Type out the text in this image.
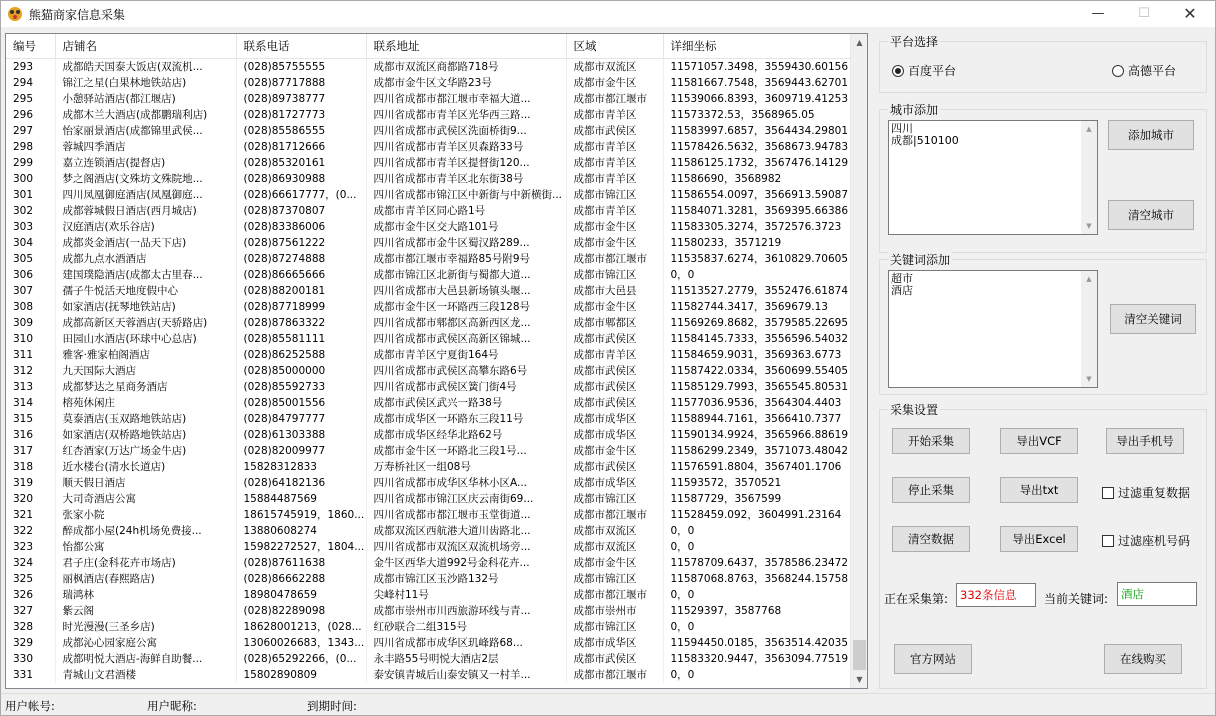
熊猫商家信息采集	—	☐	✕
编号	店铺名	联系电话	联系地址	区域	详细坐标
293	成都皓天国泰大饭店(双流机...	(028)85755555	成都市双流区商都路718号	成都市双流区	11571057.3498，3559430.60156
294	锦江之星(白果林地铁站店)	(028)87717888	成都市金牛区文华路23号	成都市金牛区	11581667.7548，3569443.62701
295	小憩驿站酒店(都江堰店)	(028)89738777	四川省成都市都江堰市幸福大道...	成都市都江堰市	11539066.8393，3609719.41253
296	成都木兰大酒店(成都鹏瑞利店)	(028)81727773	四川省成都市青羊区光华西三路...	成都市青羊区	11573372.53，3568965.05
297	怡家丽景酒店(成都锦里武侯...	(028)85586555	四川省成都市武侯区洗面桥街9...	成都市武侯区	11583997.6857，3564434.29801
298	蓉城四季酒店	(028)81712666	四川省成都市青羊区贝森路33号	成都市青羊区	11578426.5632，3568673.94783
299	嘉立连锁酒店(提督店)	(028)85320161	四川省成都市青羊区提督街120...	成都市青羊区	11586125.1732，3567476.14129
300	梦之阁酒店(文殊坊文殊院地...	(028)86930988	四川省成都市青羊区北东街38号	成都市青羊区	11586690，3568982
301	四川凤凰御庭酒店(凤凰御庭...	(028)66617777，(0...	四川省成都市锦江区中新街与中新横街...	成都市锦江区	11586554.0097，3566913.59087
302	成都蓉城假日酒店(西月城店)	(028)87370807	成都市青羊区同心路1号	成都市青羊区	11584071.3281，3569395.66386
303	汉庭酒店(欢乐谷店)	(028)83386006	成都市金牛区交大路101号	成都市金牛区	11583305.3274，3572576.3723
304	成都炎金酒店(一品天下店)	(028)87561222	四川省成都市金牛区蜀汉路289...	成都市金牛区	11580233，3571219
305	成都九点水酒酒店	(028)87274888	成都市都江堰市幸福路85号附9号	成都市都江堰市	11535837.6274，3610829.70605
306	建国璞隐酒店(成都太古里春...	(028)86665666	成都市锦江区北新街与蜀都大道...	成都市锦江区	0，0
307	孺子牛悦活天地度假中心	(028)88200181	四川省成都市大邑县新场镇头堰...	成都市大邑县	11513527.2779，3552476.61874
308	如家酒店(抚琴地铁站店)	(028)87718999	成都市金牛区一环路西三段128号	成都市金牛区	11582744.3417，3569679.13
309	成都高新区天蓉酒店(天骄路店)	(028)87863322	四川省成都市郫都区高新西区龙...	成都市郫都区	11569269.8682，3579585.22695
310	田园山水酒店(环球中心总店)	(028)85581111	四川省成都市武侯区高新区锦城...	成都市武侯区	11584145.7333，3556596.54032
311	雅客·雅家柏阁酒店	(028)86252588	成都市青羊区宁夏街164号	成都市青羊区	11584659.9031，3569363.6773
312	九天国际大酒店	(028)85000000	四川省成都市武侯区高攀东路6号	成都市武侯区	11587422.0334，3560699.55405
313	成都梦达之星商务酒店	(028)85592733	四川省成都市武侯区簧门街4号	成都市武侯区	11585129.7993，3565545.80531
314	榕苑休闲庄	(028)85001556	成都市武侯区武兴一路38号	成都市武侯区	11577036.9536，3564304.4403
315	莫泰酒店(玉双路地铁站店)	(028)84797777	成都市成华区一环路东三段11号	成都市成华区	11588944.7161，3566410.7377
316	如家酒店(双桥路地铁站店)	(028)61303388	成都市成华区经华北路62号	成都市成华区	11590134.9924，3565966.88619
317	红杏酒家(万达广场金牛店)	(028)82009977	成都市金牛区一环路北三段1号...	成都市金牛区	11586299.2349，3571073.48042
318	近水楼台(清水长道店)	15828312833	万寿桥社区一组08号	成都市武侯区	11576591.8804，3567401.1706
319	顺天假日酒店	(028)64182136	四川省成都市成华区华林小区A...	成都市成华区	11593572，3570521
320	大司奇酒店公寓	15884487569	四川省成都市锦江区庆云南街69...	成都市锦江区	11587729，3567599
321	张家小院	18615745919，1860...	四川省成都市都江堰市玉堂街道...	成都市都江堰市	11528459.092，3604991.23164
322	醉成都小屋(24h机场免费接...	13880608274	成都双流区西航港大道川齿路北...	成都市双流区	0，0
323	怡都公寓	15982272527，1804...	四川省成都市双流区双流机场旁...	成都市双流区	0，0
324	君子庄(金科花卉市场店)	(028)87611638	金牛区西华大道992号金科花卉...	成都市金牛区	11578709.6437，3578586.23472
325	丽枫酒店(春熙路店)	(028)86662288	成都市锦江区玉沙路132号	成都市锦江区	11587068.8763，3568244.15758
326	瑞鸿林	18980478659	尖峰村11号	成都市都江堰市	0，0
327	紫云阁	(028)82289098	成都市崇州市川西旅游环线与青...	成都市崇州市	11529397，3587768
328	时光漫漫(三圣乡店)	18628001213，(028...	红砂联合二组315号	成都市锦江区	0，0
329	成都沁心园家庭公寓	13060026683，1343...	四川省成都市成华区玑峰路68...	成都市成华区	11594450.0185，3563514.42035
330	成都明悦大酒店-海鲜自助餐...	(028)65292266，(0...	永丰路55号明悦大酒店2层	成都市武侯区	11583320.9447，3563094.77519
331	青城山文君酒楼	15802890809	泰安镇青城后山泰安镇又一村羊...	成都市都江堰市	0，0
▲
▼
平台选择
百度平台	高德平台
城市添加
四川
成都|510100
▲
▼
添加城市
清空城市
关键词添加
超市
酒店
▲
▼
清空关键词
采集设置
开始采集	导出VCF	导出手机号
停止采集	导出txt	过滤重复数据
清空数据	导出Excel	过滤座机号码
正在采集第:	332条信息	当前关键词:	酒店
官方网站	在线购买
用户帐号:	用户昵称:	到期时间:
